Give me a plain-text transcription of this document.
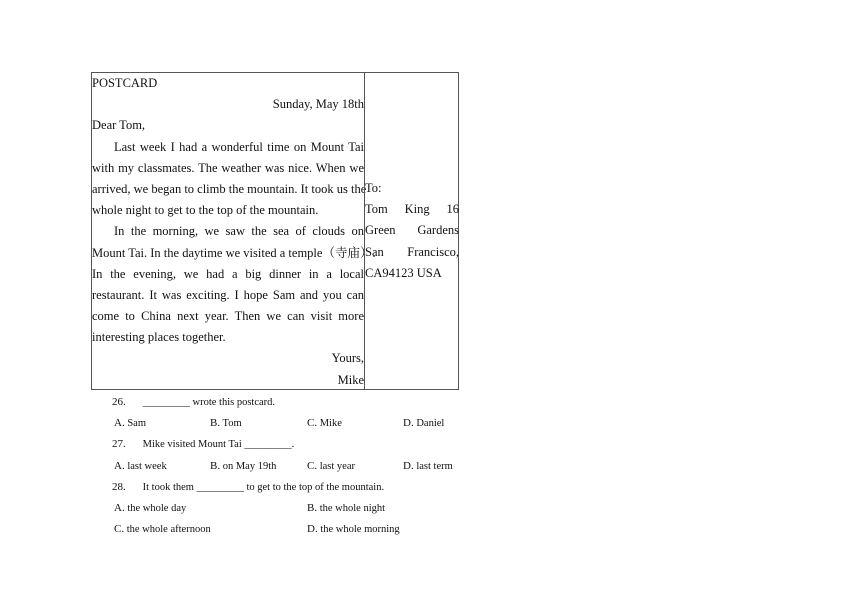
POSTCARD
Sunday, May 18th
Dear Tom,
Last week I had a wonderful time on Mount Tai
with my classmates. The weather was nice. When we
arrived, we began to climb the mountain. It took us the
whole night to get to the top of the mountain.
In the morning, we saw the sea of clouds on
Mount Tai. In the daytime we visited a temple（寺庙）.
In the evening, we had a big dinner in a local
restaurant. It was exciting. I hope Sam and you can
come to China next year. Then we can visit more
interesting places together.
Yours,
Mike
To:
Tom King 16
Green Gardens
San Francisco,
CA94123 USA
26. _________ wrote this postcard.
A. Sam	B. Tom	C. Mike	D. Daniel
27. Mike visited Mount Tai _________.
A. last week	B. on May 19th	C. last year	D. last term
28. It took them _________ to get to the top of the mountain.
A. the whole day	B. the whole night
C. the whole afternoon	D. the whole morning
